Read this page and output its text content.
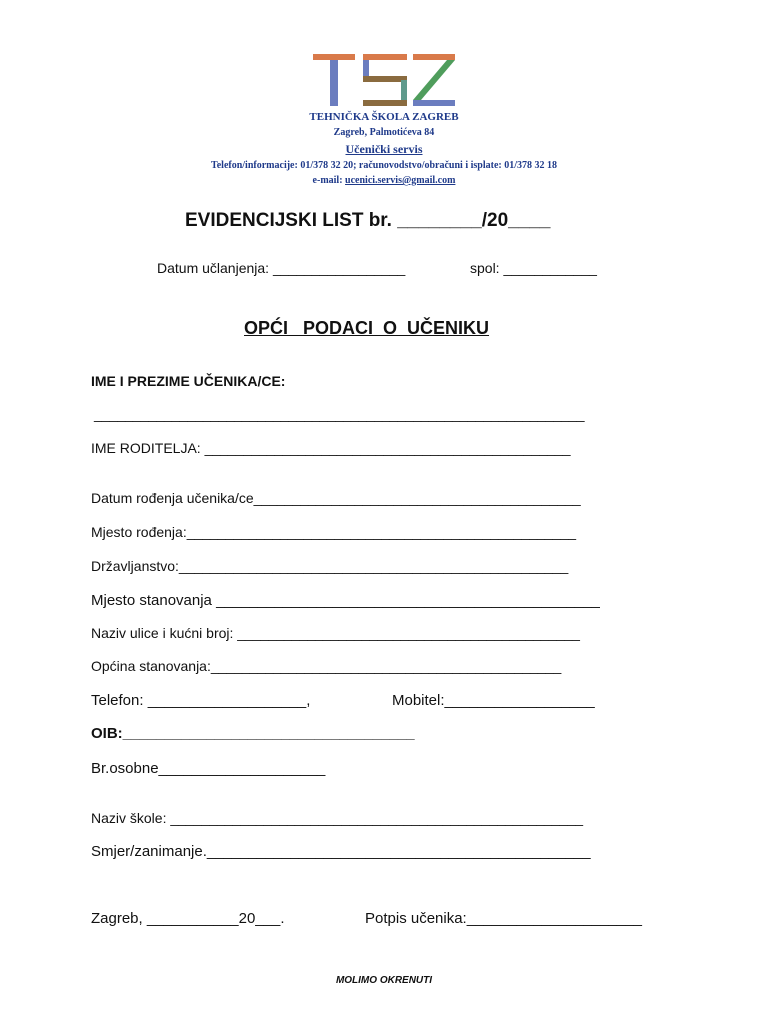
TEHNIČKA ŠKOLA ZAGREB
Zagreb, Palmotićeva 84
Učenički servis
Telefon/informacije: 01/378 32 20; računovodstvo/obračuni i isplate: 01/378 32 18
e-mail: ucenici.servis@gmail.com
EVIDENCIJSKI LIST br. ________/20____
Datum učlanjenja: _________________	spol: ____________
OPĆI   PODACI  O  UČENIKU
IME I PREZIME UČENIKA/CE:
_______________________________________________________________
IME RODITELJA: _______________________________________________
Datum rođenja učenika/ce__________________________________________
Mjesto rođenja:__________________________________________________
Državljanstvo:__________________________________________________
Mjesto stanovanja ______________________________________________
Naziv ulice i kućni broj: ____________________________________________
Općina stanovanja:_____________________________________________
Telefon: ___________________,	Mobitel:__________________
OIB:___________________________________
Br.osobne____________________
Naziv škole: _____________________________________________________
Smjer/zanimanje.______________________________________________
Zagreb, ___________20___.	Potpis učenika:_____________________
MOLIMO OKRENUTI
